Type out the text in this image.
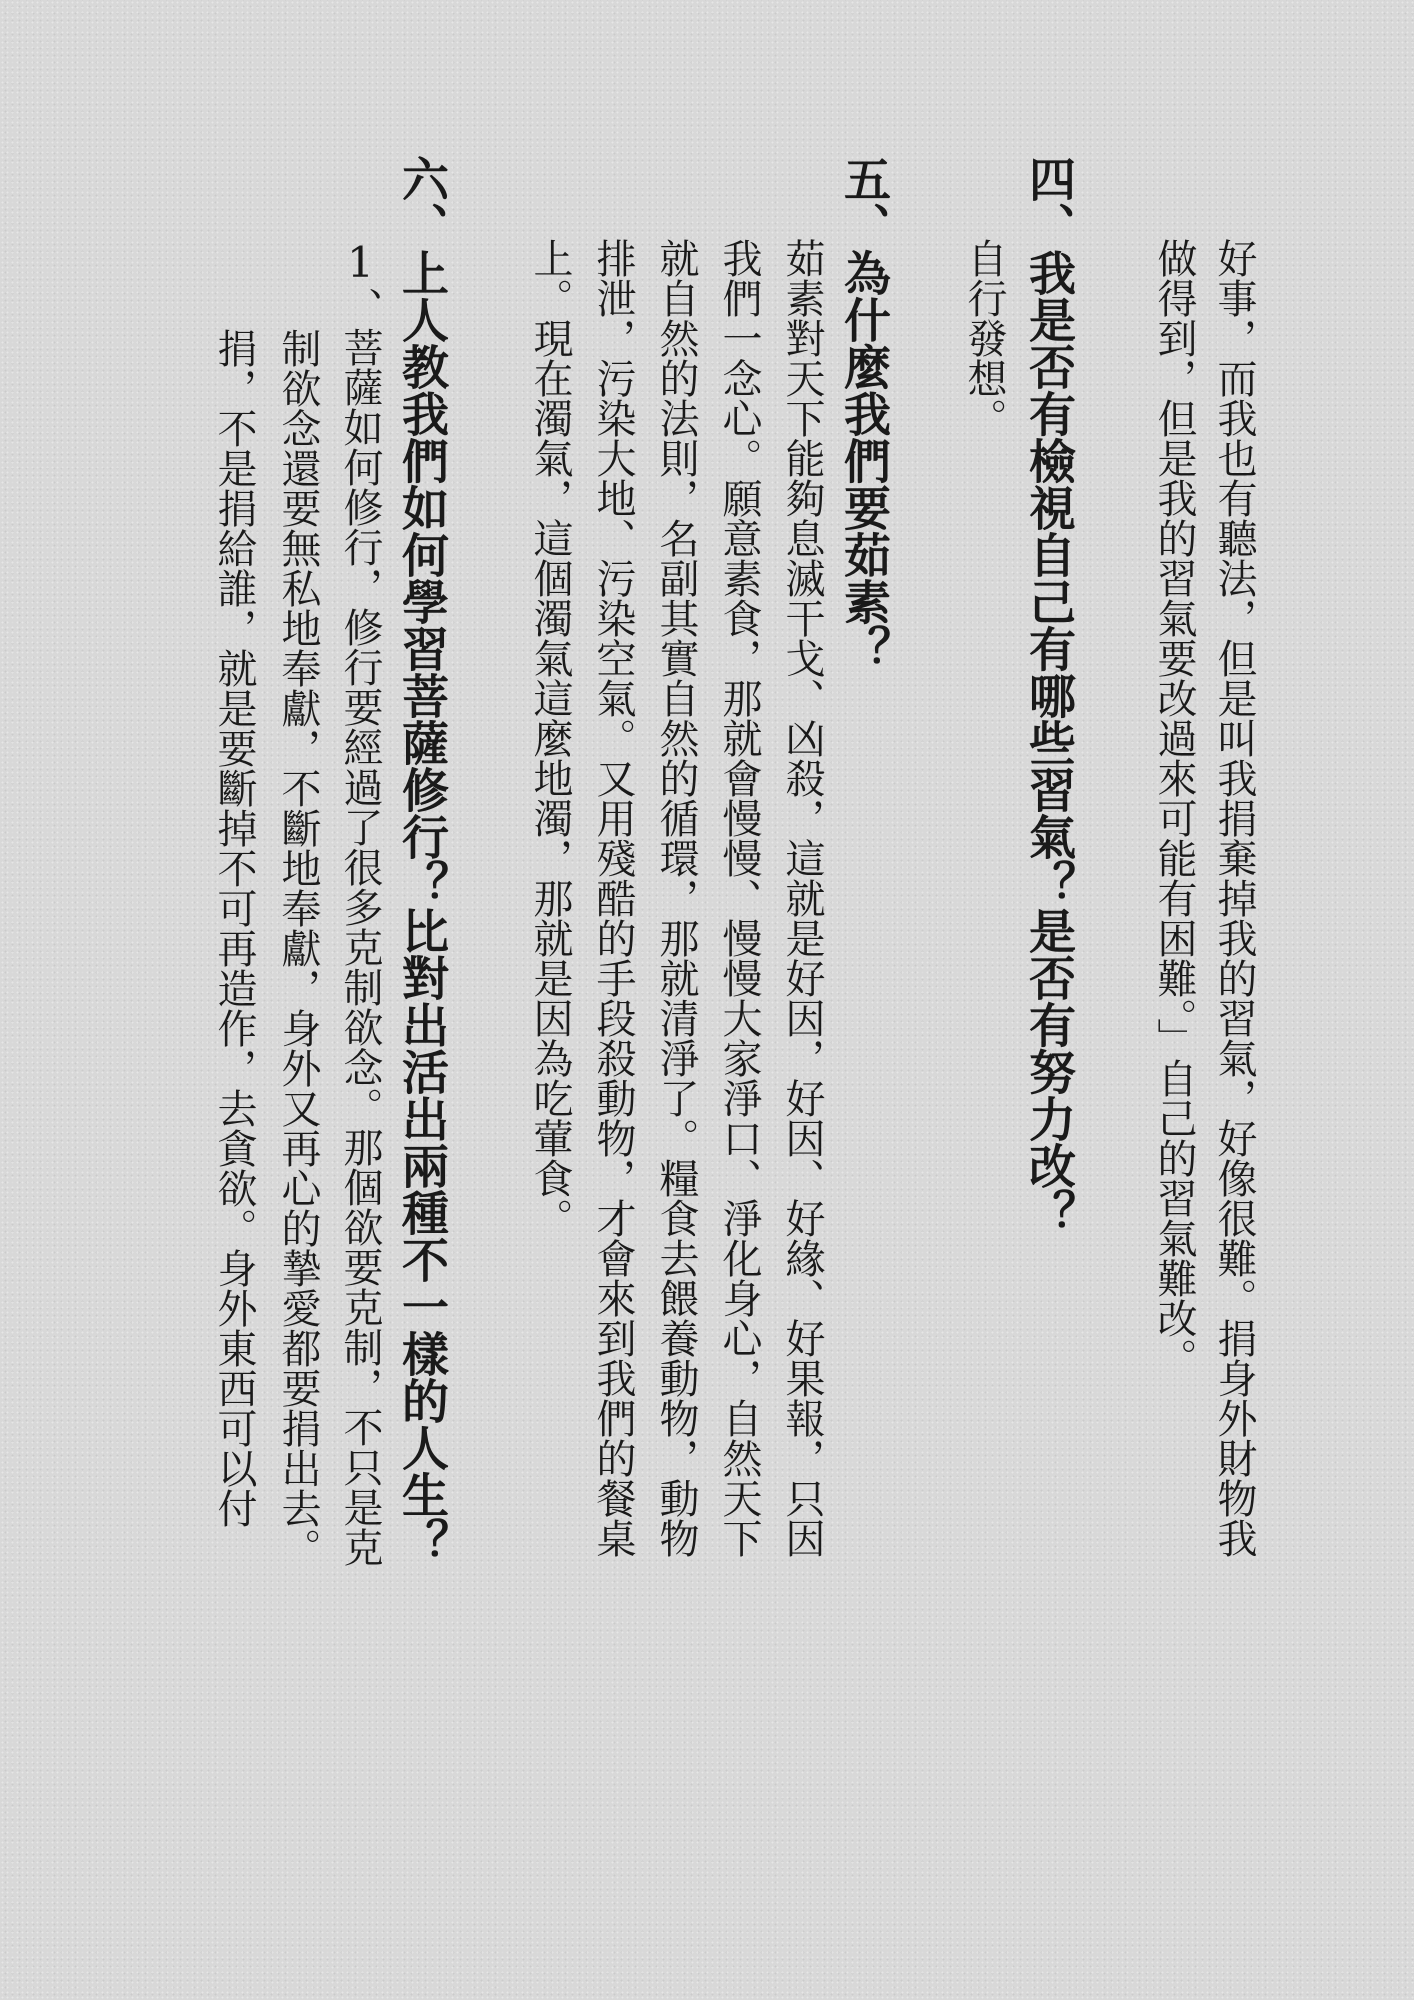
好事，而我也有聽法，但是叫我捐棄掉我的習氣，好像很難。捐身外財物我
做得到，但是我的習氣要改過來可能有困難。」自己的習氣難改。
四、我是否有檢視自己有哪些習氣？是否有努力改？
自行發想。
五、為什麼我們要茹素？
茹素對天下能夠息滅干戈、凶殺，這就是好因，好因、好緣、好果報，只因
我們一念心。願意素食，那就會慢慢、慢慢大家淨口、淨化身心，自然天下
就自然的法則，名副其實自然的循環，那就清淨了。糧食去餵養動物，動物
排泄，污染大地、污染空氣。又用殘酷的手段殺動物，才會來到我們的餐桌
上。現在濁氣，這個濁氣這麼地濁，那就是因為吃葷食。
六、上人教我們如何學習菩薩修行？比對出活出兩種不一樣的人生？
1、菩薩如何修行，修行要經過了很多克制欲念。那個欲要克制，不只是克
制欲念還要無私地奉獻，不斷地奉獻，身外又再心的摯愛都要捐出去。
捐，不是捐給誰，就是要斷掉不可再造作，去貪欲。身外東西可以付
